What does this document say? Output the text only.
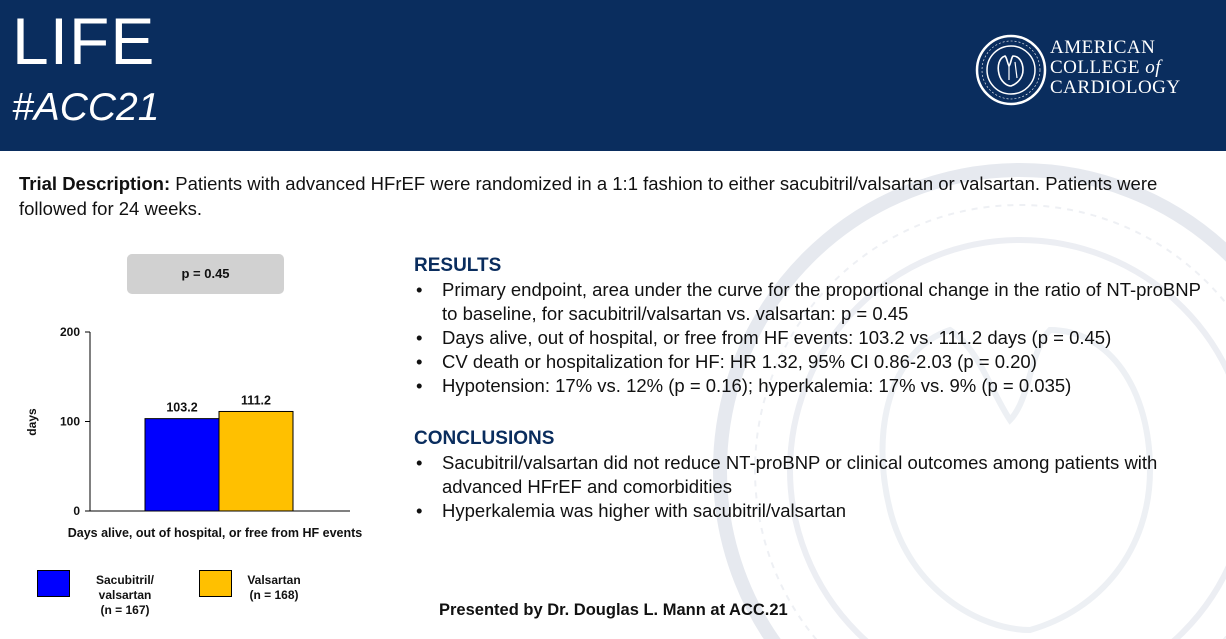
LIFE
#ACC21
AMERICAN
COLLEGE of
CARDIOLOGY
Trial Description: Patients with advanced HFrEF were randomized in a 1:1 fashion to either sacubitril/valsartan or valsartan. Patients were followed for 24 weeks.
p = 0.45
days
0
100
200
103.2
111.2
Days alive, out of hospital, or free from HF events
Sacubitril/
valsartan
(n = 167)
Valsartan
(n = 168)
RESULTS
• Primary endpoint, area under the curve for the proportional change in the ratio of NT-proBNP to baseline, for sacubitril/valsartan vs. valsartan: p = 0.45
• Days alive, out of hospital, or free from HF events: 103.2 vs. 111.2 days (p = 0.45)
• CV death or hospitalization for HF: HR 1.32, 95% CI 0.86-2.03 (p = 0.20)
• Hypotension: 17% vs. 12% (p = 0.16); hyperkalemia: 17% vs. 9% (p = 0.035)
CONCLUSIONS
• Sacubitril/valsartan did not reduce NT-proBNP or clinical outcomes among patients with advanced HFrEF and comorbidities
• Hyperkalemia was higher with sacubitril/valsartan
Presented by Dr. Douglas L. Mann at ACC.21
